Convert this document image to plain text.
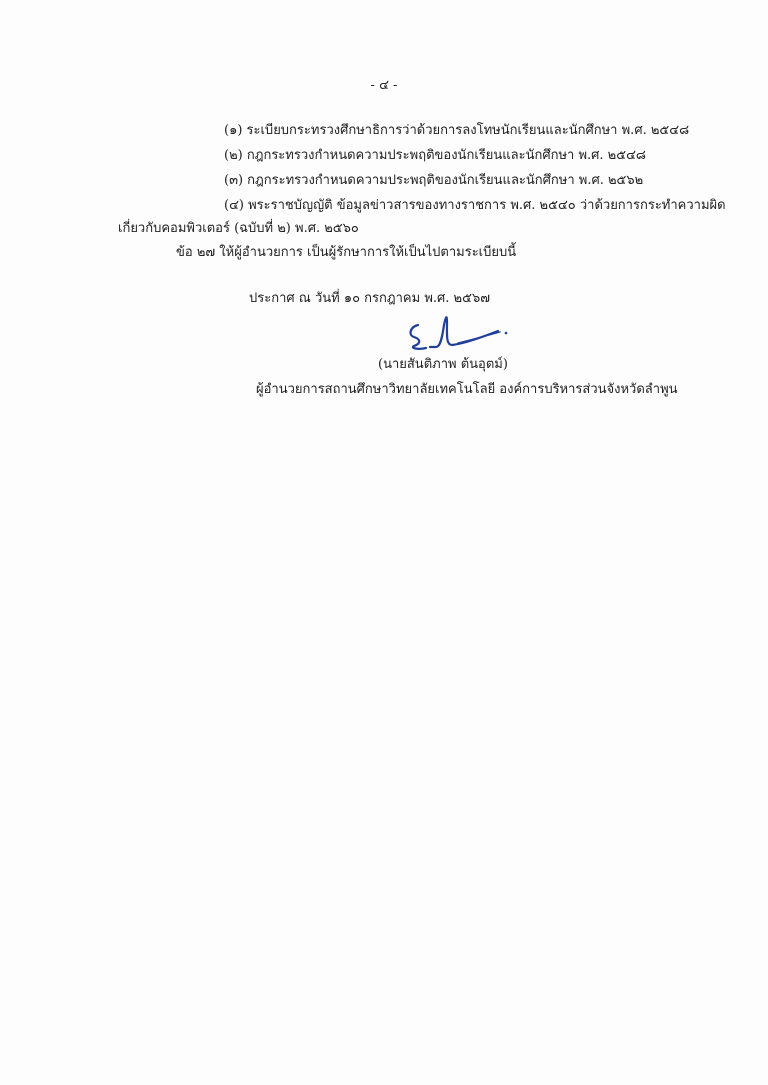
- ๔ -
(๑) ระเบียบกระทรวงศึกษาธิการว่าด้วยการลงโทษนักเรียนและนักศึกษา พ.ศ. ๒๕๔๘
(๒) กฎกระทรวงกำหนดความประพฤติของนักเรียนและนักศึกษา พ.ศ. ๒๕๔๘
(๓) กฎกระทรวงกำหนดความประพฤติของนักเรียนและนักศึกษา พ.ศ. ๒๕๖๒
(๔) พระราชบัญญัติ ข้อมูลข่าวสารของทางราชการ พ.ศ. ๒๕๔๐ ว่าด้วยการกระทำความผิด
เกี่ยวกับคอมพิวเตอร์ (ฉบับที่ ๒) พ.ศ. ๒๕๖๐
ข้อ ๒๗ ให้ผู้อำนวยการ เป็นผู้รักษาการให้เป็นไปตามระเบียบนี้
ประกาศ ณ วันที่ ๑๐ กรกฎาคม พ.ศ. ๒๕๖๗
(นายสันติภาพ ต้นอุตม์)
ผู้อำนวยการสถานศึกษาวิทยาลัยเทคโนโลยี องค์การบริหารส่วนจังหวัดลำพูน
